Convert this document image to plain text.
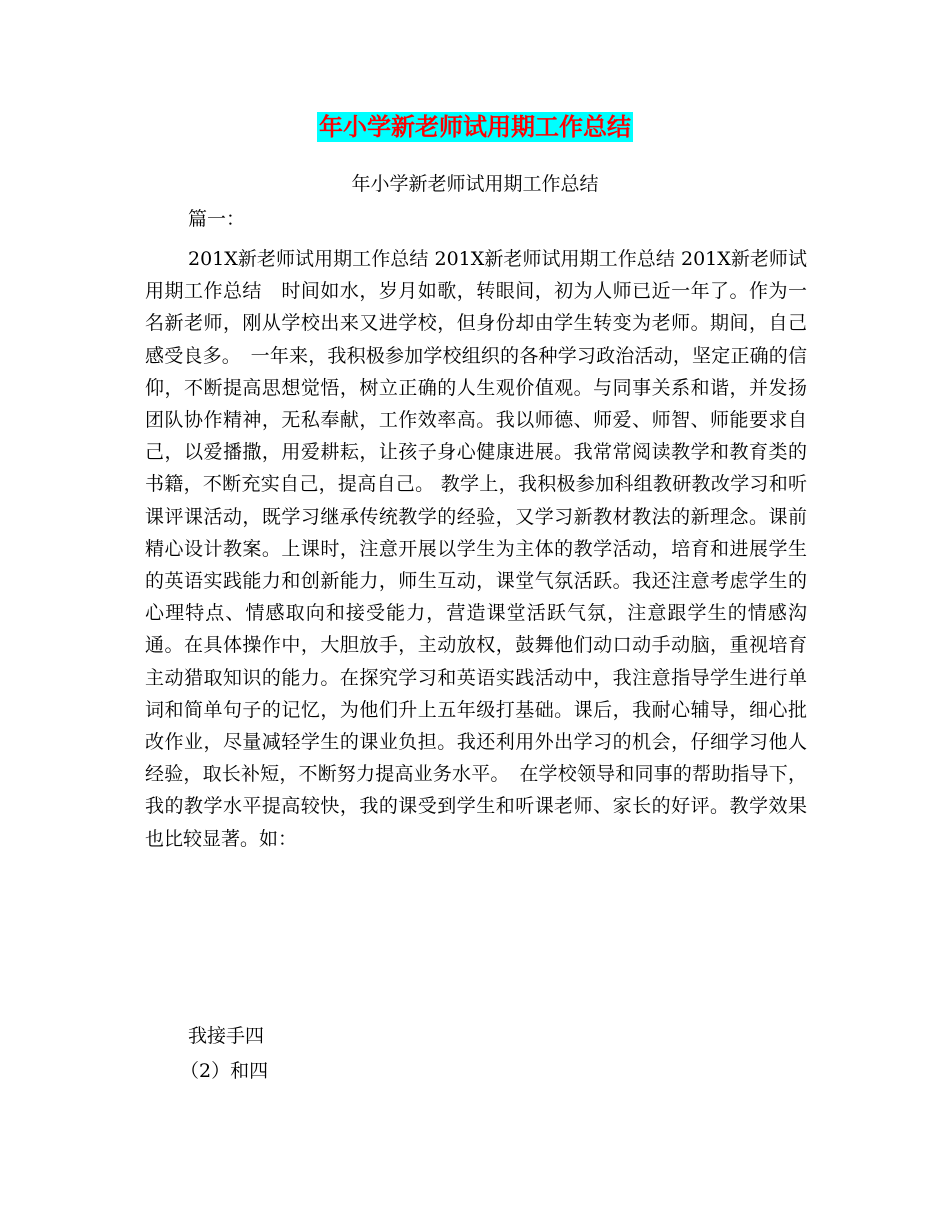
年小学新老师试用期工作总结
年小学新老师试用期工作总结
篇一：

201X新老师试用期工作总结 201X新老师试用期工作总结 201X新老师试用期工作总结　时间如水，岁月如歌，转眼间，初为人师已近一年了。作为一名新老师，刚从学校出来又进学校，但身份却由学生转变为老师。期间，自己感受良多。　一年来，我积极参加学校组织的各种学习政治活动，坚定正确的信仰，不断提高思想觉悟，树立正确的人生观价值观。与同事关系和谐，并发扬团队协作精神，无私奉献，工作效率高。我以师德、师爱、师智、师能要求自己，以爱播撒，用爱耕耘，让孩子身心健康进展。我常常阅读教学和教育类的书籍，不断充实自己，提高自己。 教学上，我积极参加科组教研教改学习和听课评课活动，既学习继承传统教学的经验，又学习新教材教法的新理念。课前精心设计教案。上课时，注意开展以学生为主体的教学活动，培育和进展学生的英语实践能力和创新能力，师生互动，课堂气氛活跃。我还注意考虑学生的心理特点、情感取向和接受能力，营造课堂活跃气氛，注意跟学生的情感沟通。在具体操作中，大胆放手，主动放权，鼓舞他们动口动手动脑，重视培育主动猎取知识的能力。在探究学习和英语实践活动中，我注意指导学生进行单词和简单句子的记忆，为他们升上五年级打基础。课后，我耐心辅导，细心批改作业，尽量减轻学生的课业负担。我还利用外出学习的机会，仔细学习他人经验，取长补短，不断努力提高业务水平。　在学校领导和同事的帮助指导下，我的教学水平提高较快，我的课受到学生和听课老师、家长的好评。教学效果也比较显著。如：

我接手四
（2）和四
